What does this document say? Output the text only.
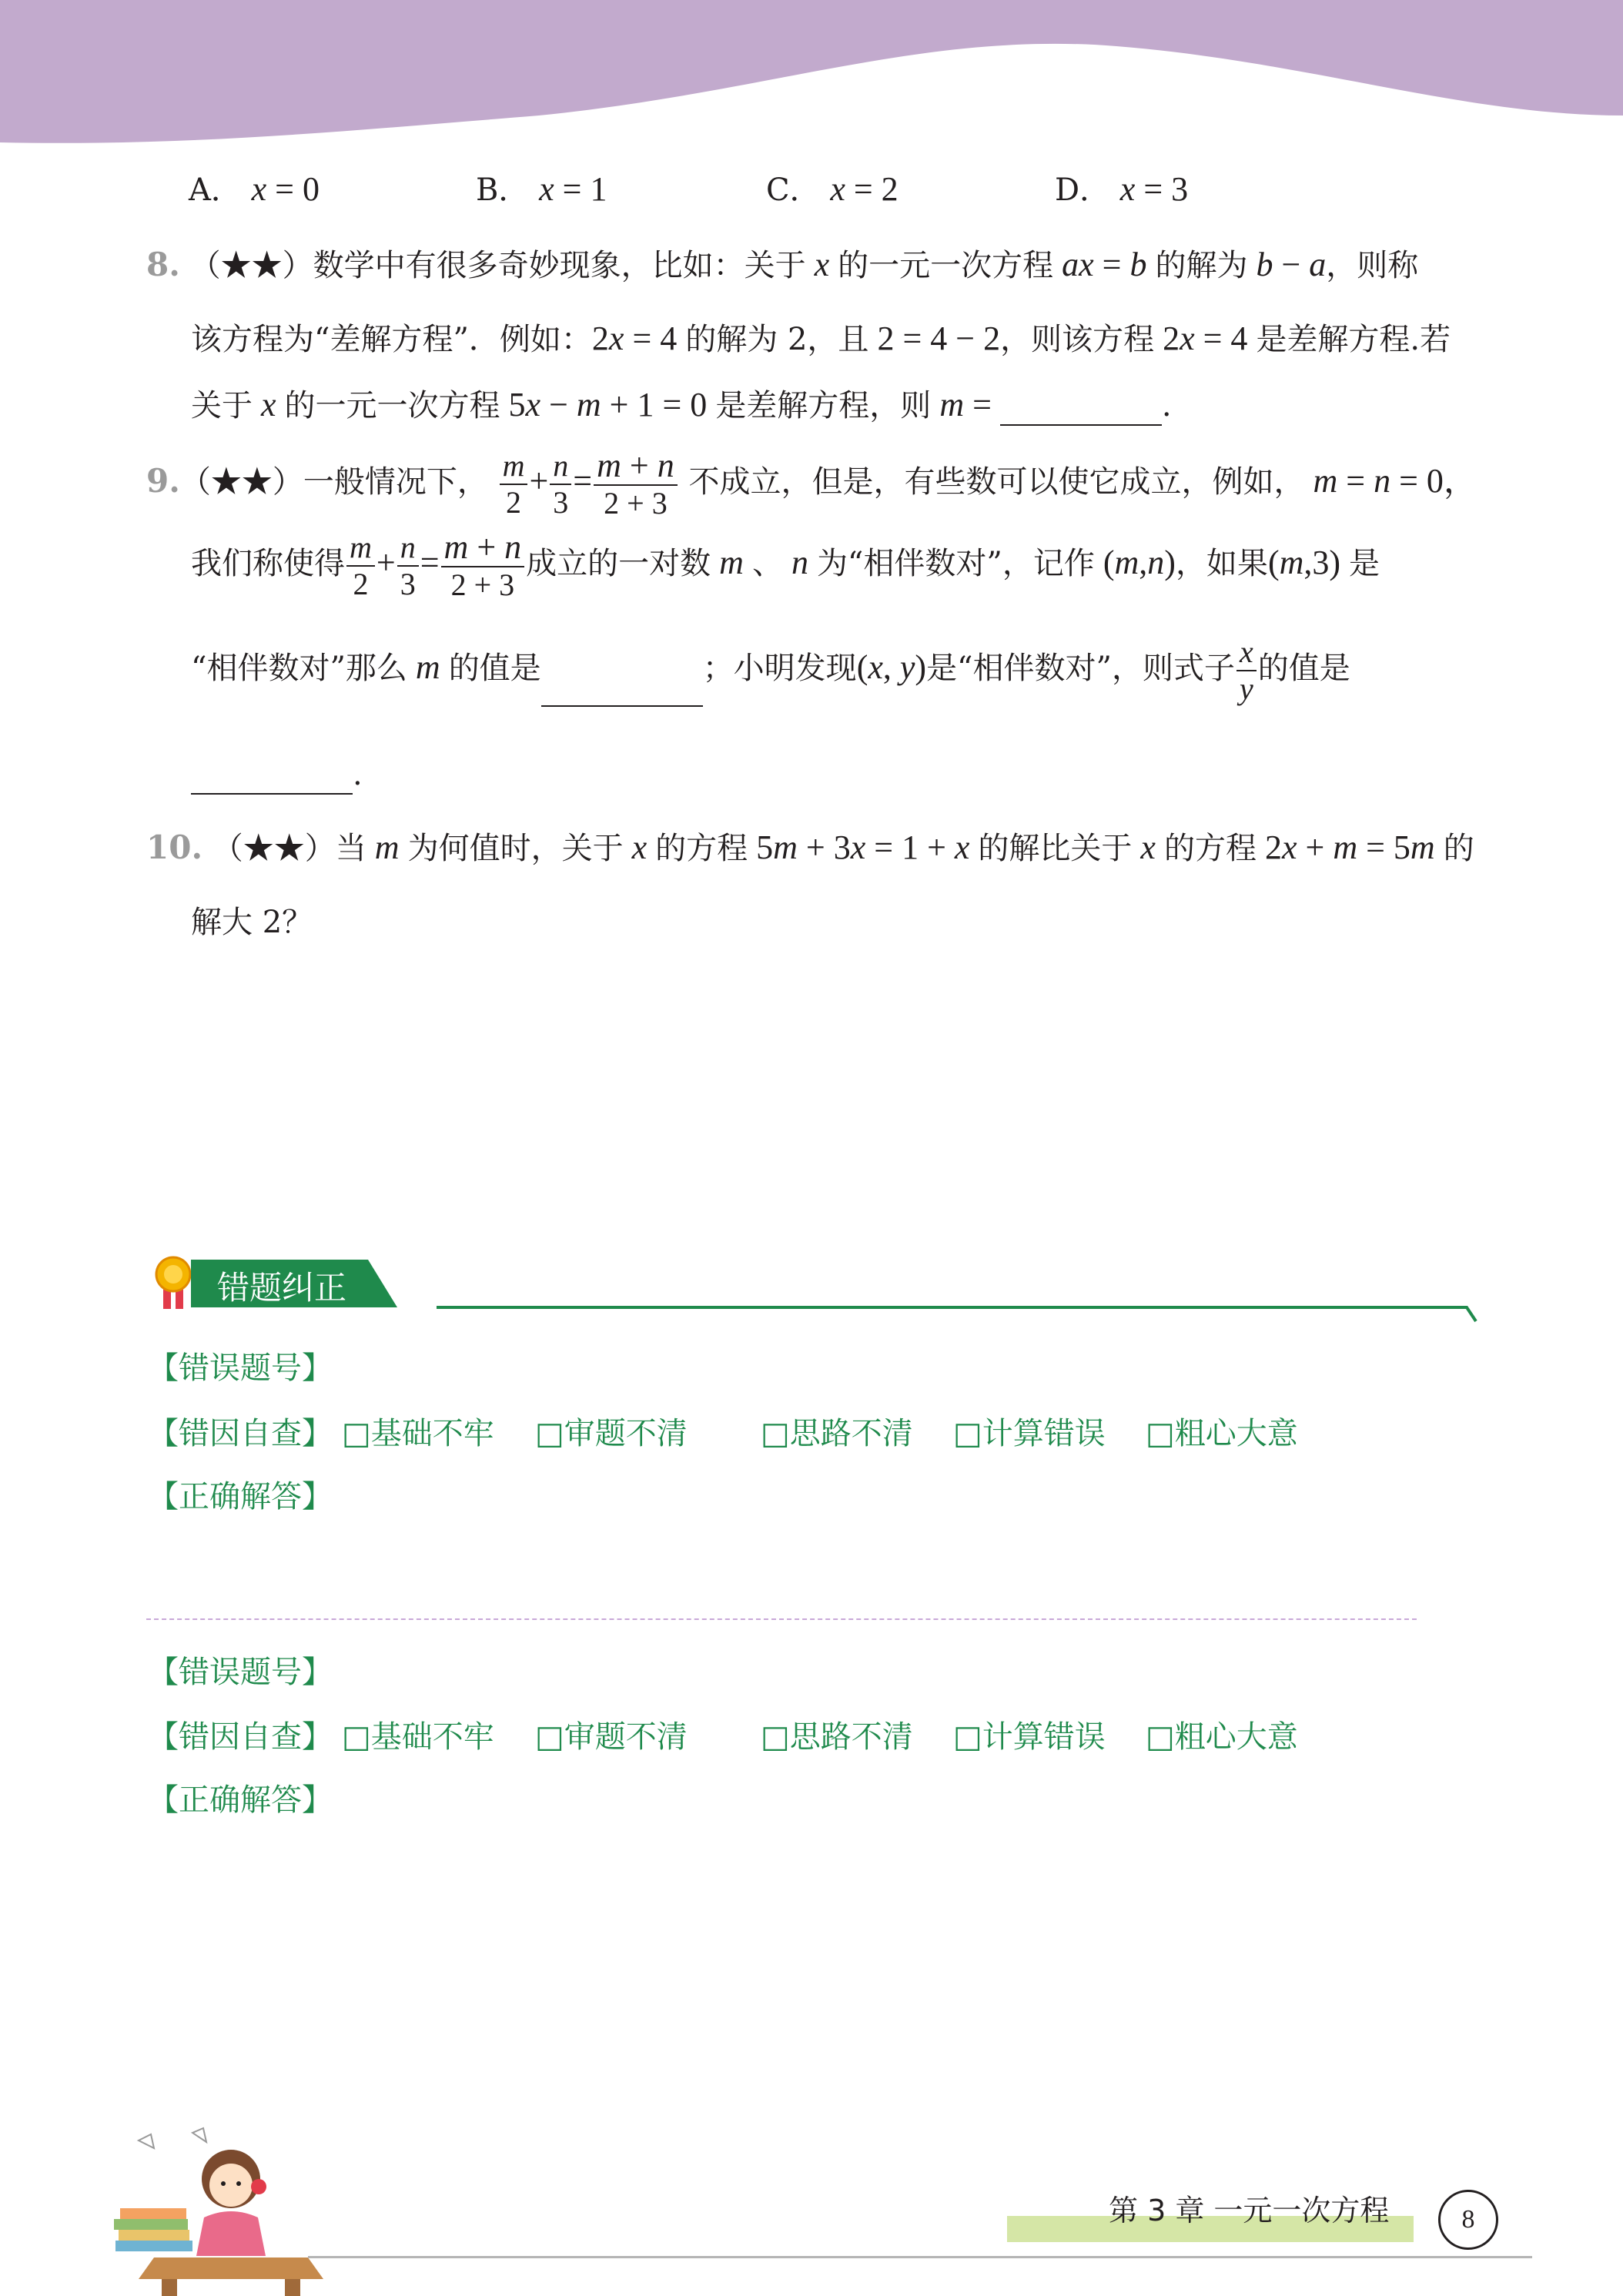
A． x = 0	B． x = 1	C． x = 2	D． x = 3
8. （★★）数学中有很多奇妙现象，比如：关于 x 的一元一次方程 ax = b 的解为 b − a，则称
该方程为“差解方程”．例如：2x = 4 的解为 2，且 2 = 4 − 2，则该方程 2x = 4 是差解方程.若
关于 x 的一元一次方程 5x − m + 1 = 0 是差解方程，则 m =	.
9.（★★）一般情况下， $\frac{m}{2} + \frac{n}{3} = \frac{m + n}{2 + 3}$ 不成立，但是，有些数可以使它成立，例如， m = n = 0，
我们称使得 $\frac{m}{2} + \frac{n}{3} = \frac{m + n}{2 + 3}$ 成立的一对数 m 、 n 为“相伴数对”，记作 (m,n)，如果(m,3) 是
“相伴数对”那么 m 的值是	；小明发现(x, y)是“相伴数对”，则式子 $\frac{x}{y}$ 的值是
.
10. （★★）当 m 为何值时，关于 x 的方程 5m + 3x = 1 + x 的解比关于 x 的方程 2x + m = 5m 的
解大 2？
错题纠正
【错误题号】
【错因自查】 □基础不牢 □审题不清 □思路不清 □计算错误 □粗心大意
【正确解答】
【错误题号】
【错因自查】 □基础不牢 □审题不清 □思路不清 □计算错误 □粗心大意
【正确解答】
第 3 章 一元一次方程	8
